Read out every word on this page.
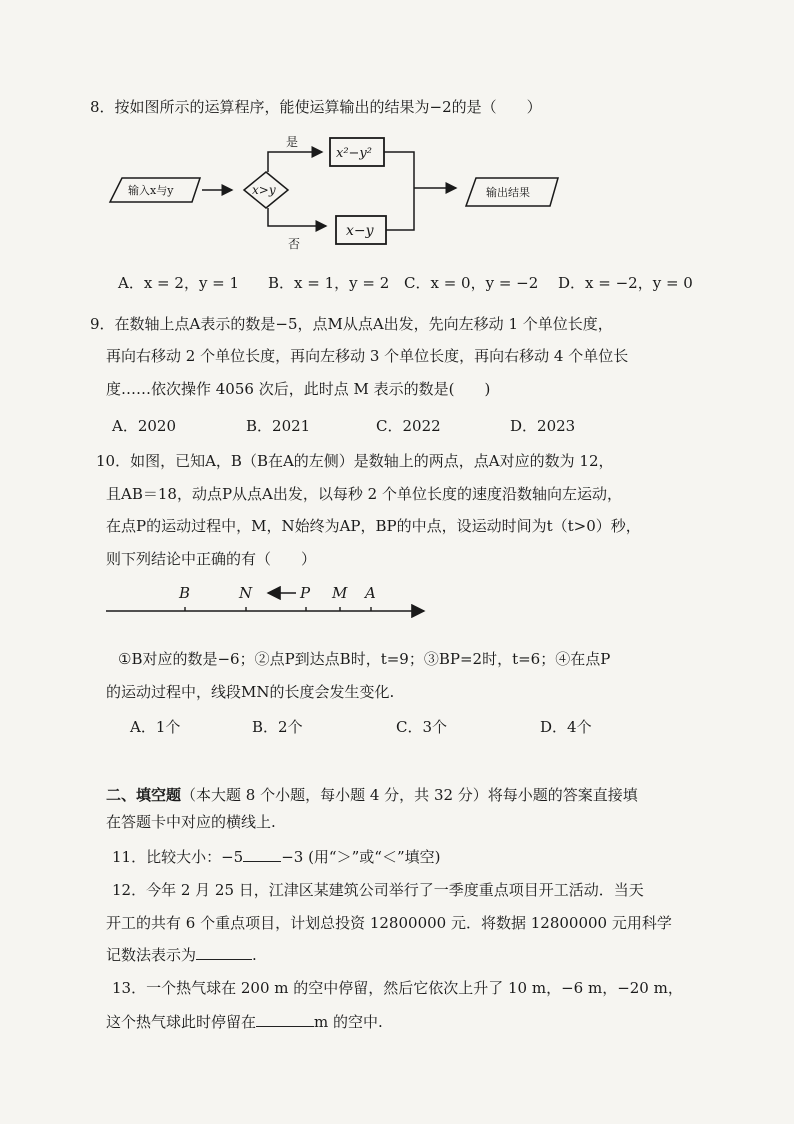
8．按如图所示的运算程序，能使运算输出的结果为−2的是（　　）
输入x与y	x>y
是
x²−y²
否
x−y
输出结果
A．x = 2，y = 1 B．x = 1，y = 2 C．x = 0，y = −2 D．x = −2，y = 0
9．在数轴上点A表示的数是−5，点M从点A出发，先向左移动 1 个单位长度，
再向右移动 2 个单位长度，再向左移动 3 个单位长度，再向右移动 4 个单位长
度……依次操作 4056 次后，此时点 M 表示的数是(　　)
A．2020	B．2021	C．2022	D．2023
10．如图，已知A，B（B在A的左侧）是数轴上的两点，点A对应的数为 12，
且AB＝18，动点P从点A出发，以每秒 2 个单位长度的速度沿数轴向左运动，
在点P的运动过程中，M，N始终为AP，BP的中点，设运动时间为t（t>0）秒，
则下列结论中正确的有（　　）
B	N	P M A
①B对应的数是−6；②点P到达点B时，t=9；③BP=2时，t=6；④在点P
的运动过程中，线段MN的长度会发生变化.
A．1个	B．2个	C．3个	D．4个
二、填空题（本大题 8 个小题，每小题 4 分，共 32 分）将每小题的答案直接填
在答题卡中对应的横线上.
11．比较大小：−5	−3 (用“＞”或“＜”填空)
12．今年 2 月 25 日，江津区某建筑公司举行了一季度重点项目开工活动．当天
开工的共有 6 个重点项目，计划总投资 12800000 元．将数据 12800000 元用科学
记数法表示为	.
13．一个热气球在 200 m 的空中停留，然后它依次上升了 10 m，−6 m，−20 m，
这个热气球此时停留在	m 的空中.
